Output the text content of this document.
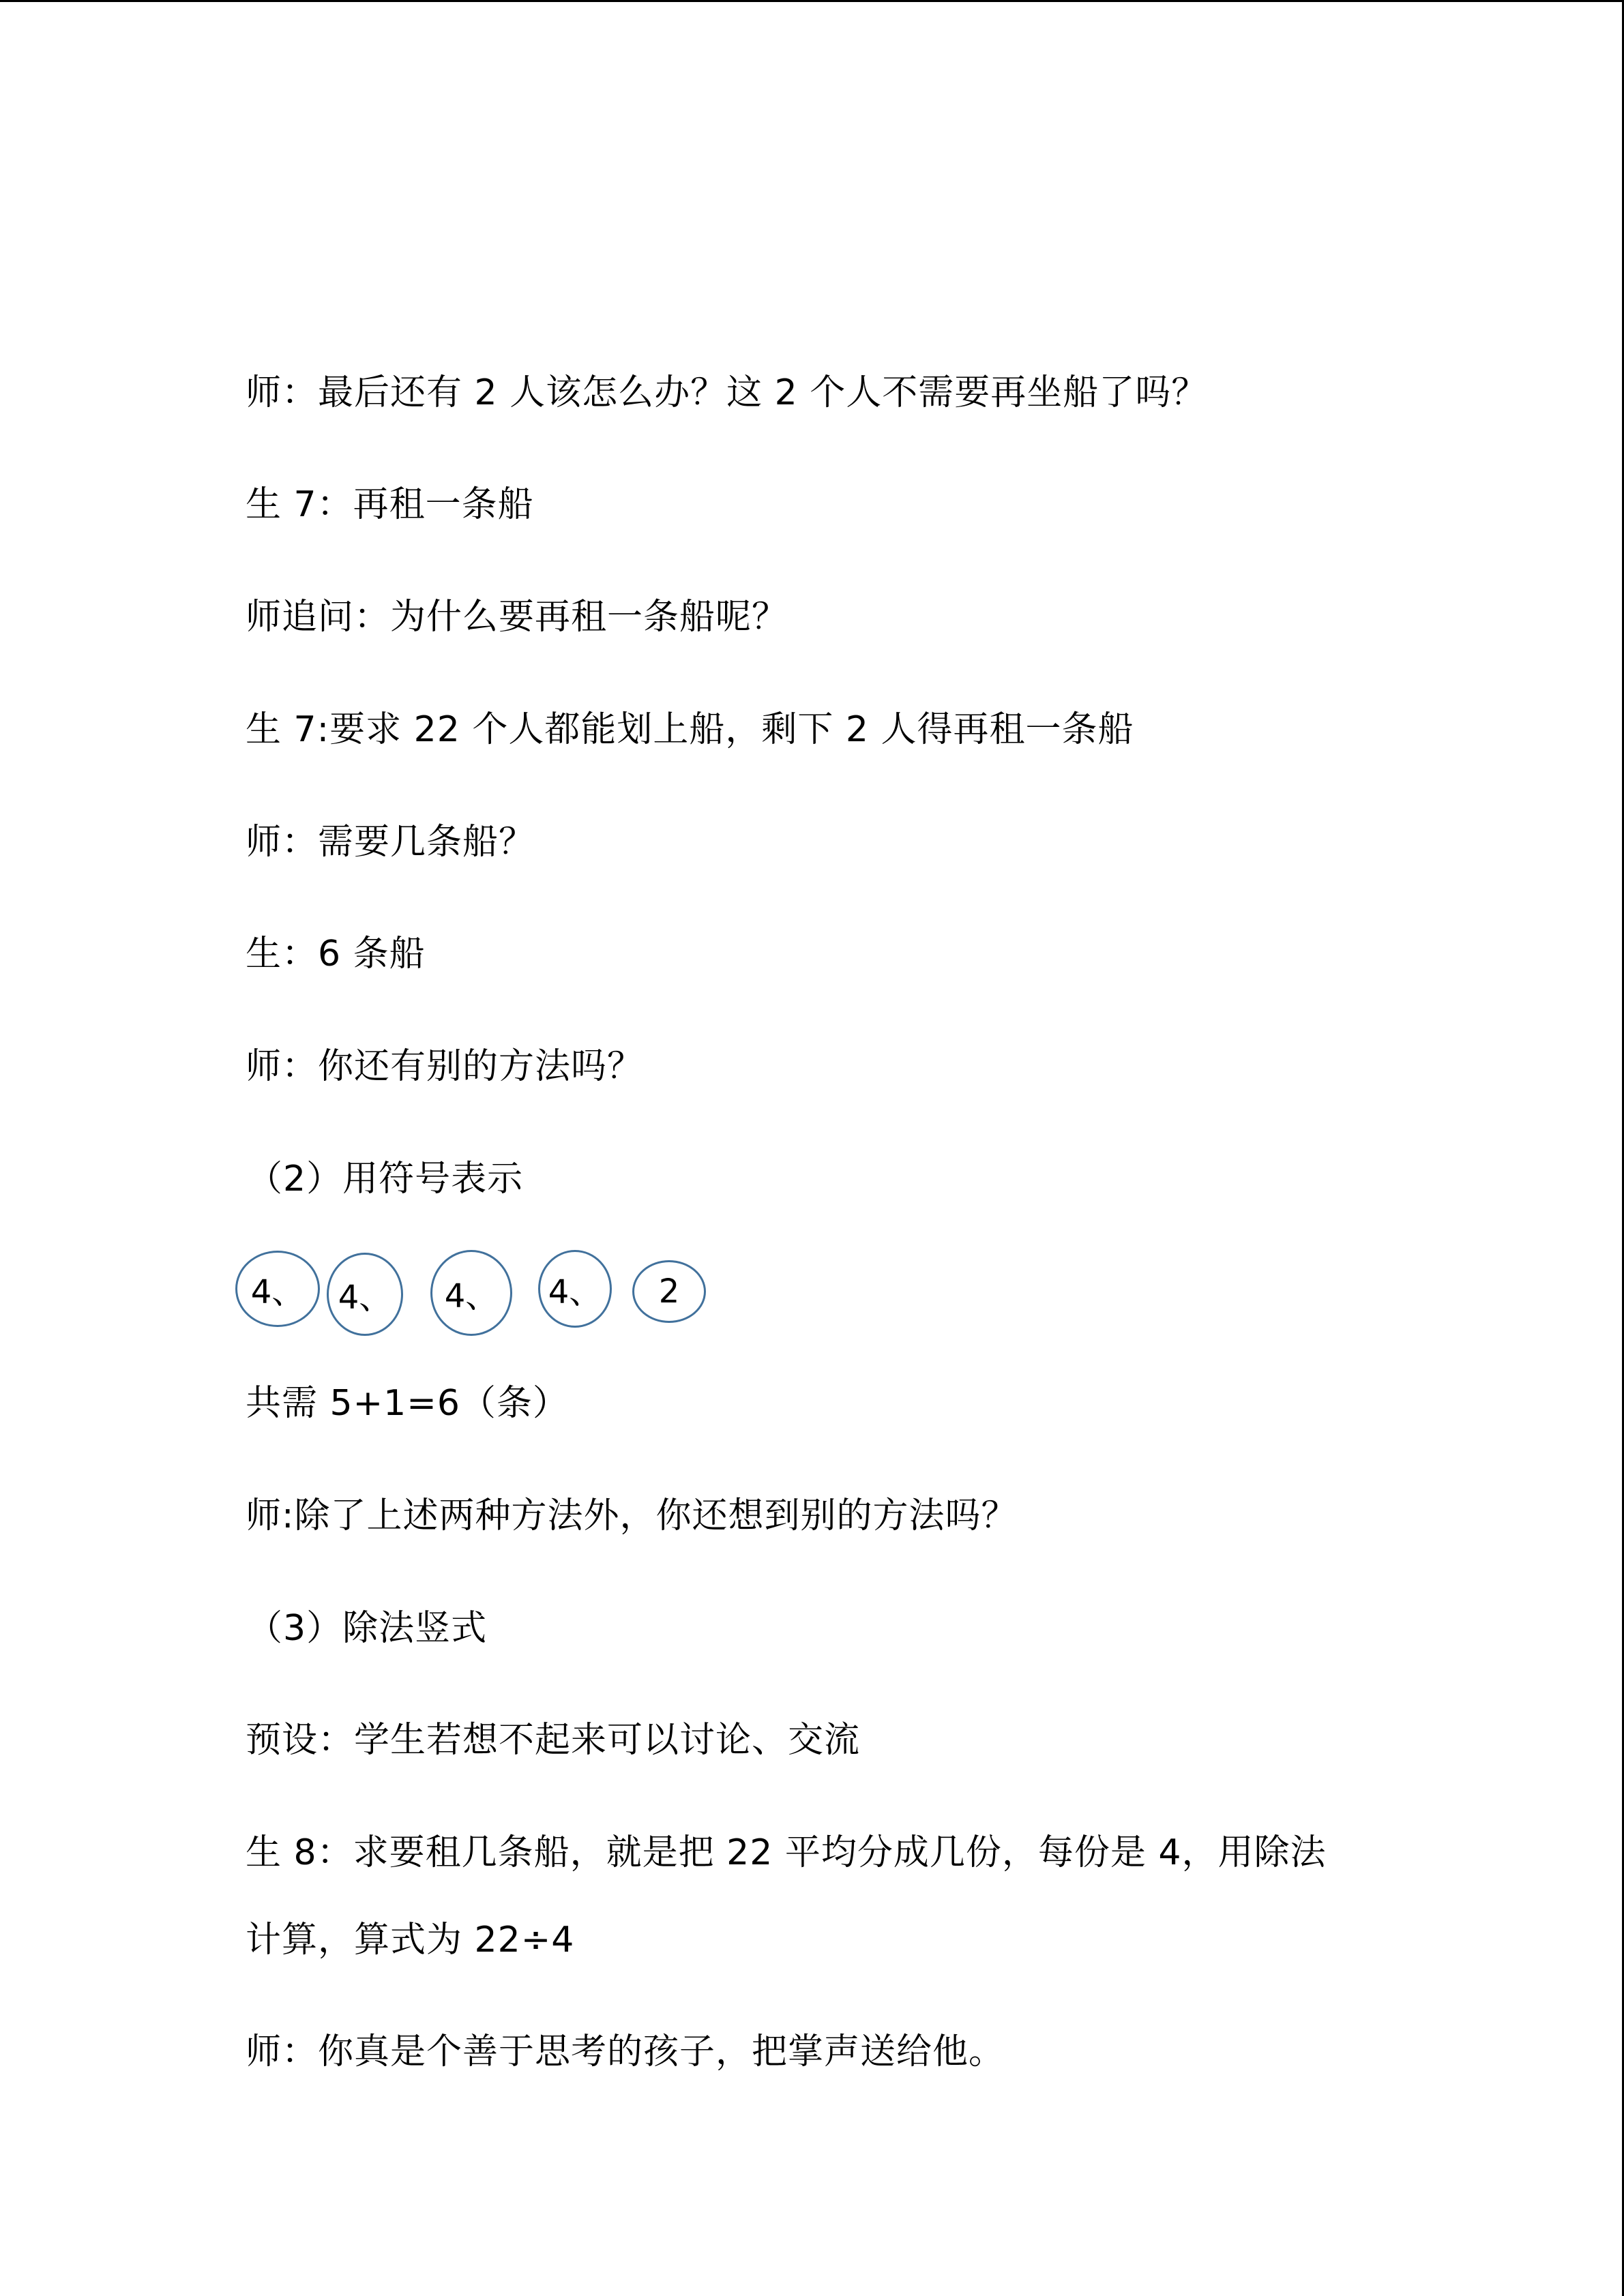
师：最后还有 2 人该怎么办？这 2 个人不需要再坐船了吗？
生 7：再租一条船
师追问：为什么要再租一条船呢？
生 7:要求 22 个人都能划上船，剩下 2 人得再租一条船
师：需要几条船？
生：6 条船
师：你还有别的方法吗？
（2）用符号表示
4、 4、 4、 4、 2
共需 5+1=6（条）
师:除了上述两种方法外，你还想到别的方法吗？
（3）除法竖式
预设：学生若想不起来可以讨论、交流
生 8：求要租几条船，就是把 22 平均分成几份，每份是 4，用除法
计算，算式为 22÷4
师：你真是个善于思考的孩子，把掌声送给他。
